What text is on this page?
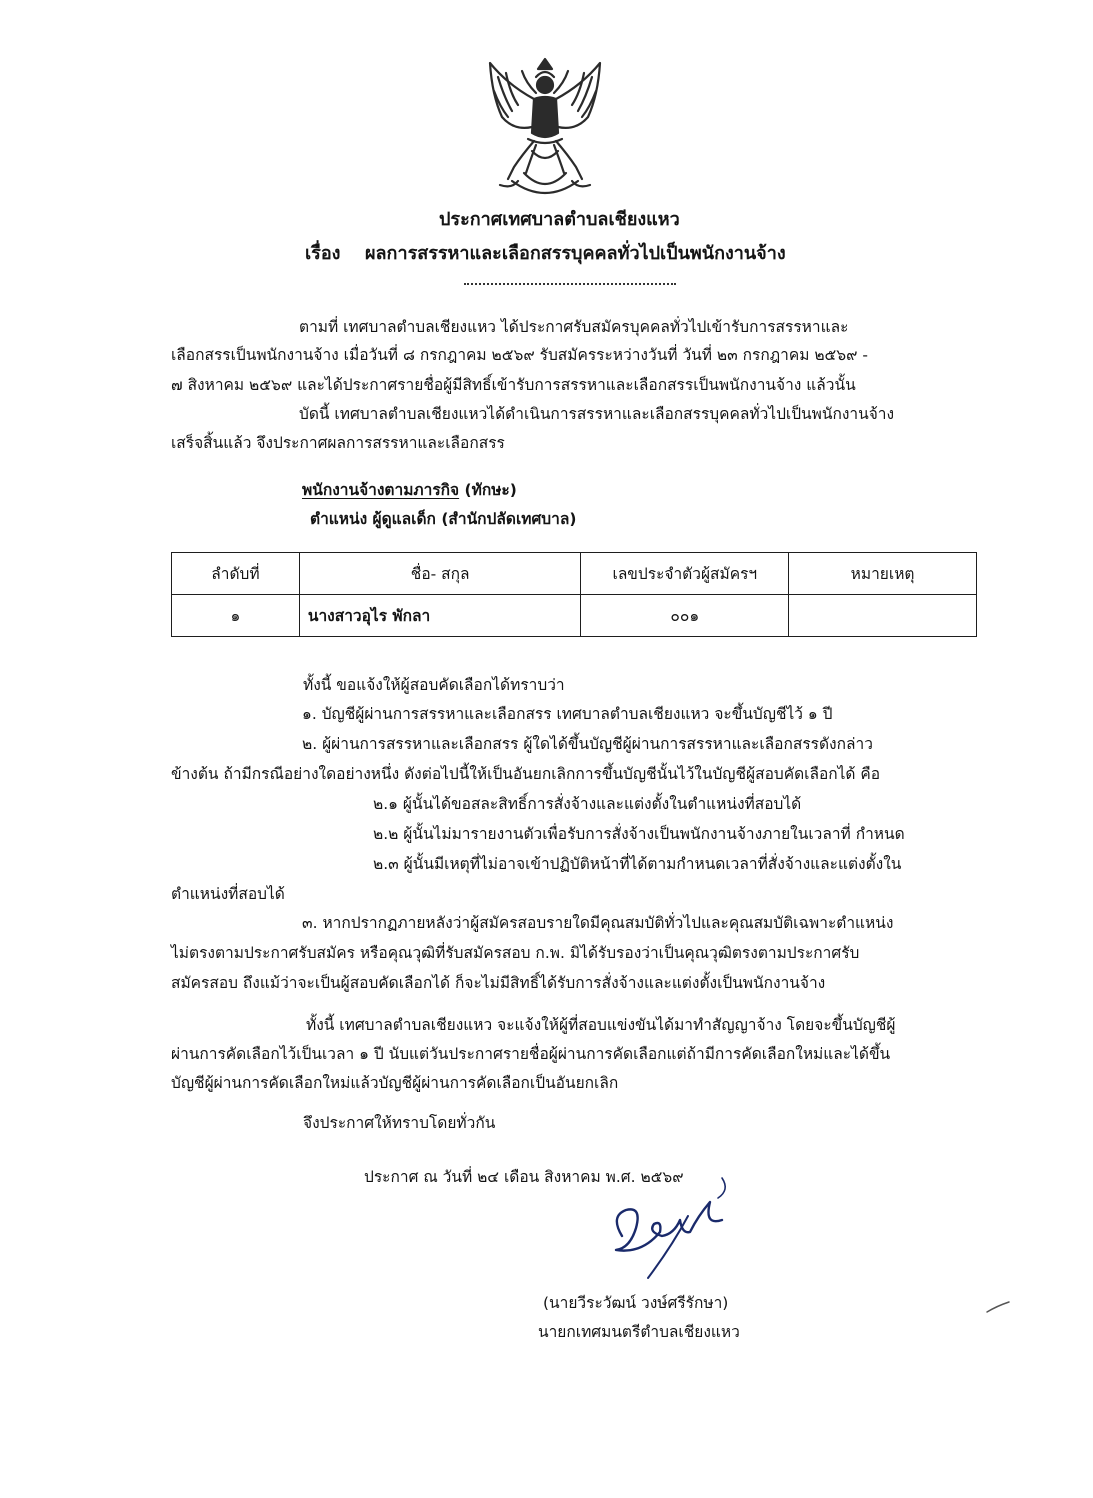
ประกาศเทศบาลตำบลเชียงแหว
เรื่อง ผลการสรรหาและเลือกสรรบุคคลทั่วไปเป็นพนักงานจ้าง
ตามที่ เทศบาลตำบลเชียงแหว ได้ประกาศรับสมัครบุคคลทั่วไปเข้ารับการสรรหาและ
เลือกสรรเป็นพนักงานจ้าง เมื่อวันที่ ๘ กรกฎาคม ๒๕๖๙ รับสมัครระหว่างวันที่ วันที่ ๒๓ กรกฎาคม ๒๕๖๙ -
๗ สิงหาคม ๒๕๖๙ และได้ประกาศรายชื่อผู้มีสิทธิ์เข้ารับการสรรหาและเลือกสรรเป็นพนักงานจ้าง แล้วนั้น
บัดนี้ เทศบาลตำบลเชียงแหวได้ดำเนินการสรรหาและเลือกสรรบุคคลทั่วไปเป็นพนักงานจ้าง
เสร็จสิ้นแล้ว จึงประกาศผลการสรรหาและเลือกสรร
พนักงานจ้างตามภารกิจ (ทักษะ)
ตำแหน่ง ผู้ดูแลเด็ก (สำนักปลัดเทศบาล)
ลำดับที่	ชื่อ- สกุล	เลขประจำตัวผู้สมัครฯ	หมายเหตุ
๑	นางสาวอุไร พักลา	๐๐๑	
ทั้งนี้ ขอแจ้งให้ผู้สอบคัดเลือกได้ทราบว่า
๑. บัญชีผู้ผ่านการสรรหาและเลือกสรร เทศบาลตำบลเชียงแหว จะขึ้นบัญชีไว้ ๑ ปี
๒. ผู้ผ่านการสรรหาและเลือกสรร ผู้ใดได้ขึ้นบัญชีผู้ผ่านการสรรหาและเลือกสรรดังกล่าว
ข้างต้น ถ้ามีกรณีอย่างใดอย่างหนึ่ง ดังต่อไปนี้ให้เป็นอันยกเลิกการขึ้นบัญชีนั้นไว้ในบัญชีผู้สอบคัดเลือกได้ คือ
๒.๑ ผู้นั้นได้ขอสละสิทธิ์การสั่งจ้างและแต่งตั้งในตำแหน่งที่สอบได้
๒.๒ ผู้นั้นไม่มารายงานตัวเพื่อรับการสั่งจ้างเป็นพนักงานจ้างภายในเวลาที่ กำหนด
๒.๓ ผู้นั้นมีเหตุที่ไม่อาจเข้าปฏิบัติหน้าที่ได้ตามกำหนดเวลาที่สั่งจ้างและแต่งตั้งใน
ตำแหน่งที่สอบได้
๓. หากปรากฏภายหลังว่าผู้สมัครสอบรายใดมีคุณสมบัติทั่วไปและคุณสมบัติเฉพาะตำแหน่ง
ไม่ตรงตามประกาศรับสมัคร หรือคุณวุฒิที่รับสมัครสอบ ก.พ. มิได้รับรองว่าเป็นคุณวุฒิตรงตามประกาศรับ
สมัครสอบ ถึงแม้ว่าจะเป็นผู้สอบคัดเลือกได้ ก็จะไม่มีสิทธิ์ได้รับการสั่งจ้างและแต่งตั้งเป็นพนักงานจ้าง
ทั้งนี้ เทศบาลตำบลเชียงแหว จะแจ้งให้ผู้ที่สอบแข่งขันได้มาทำสัญญาจ้าง โดยจะขึ้นบัญชีผู้
ผ่านการคัดเลือกไว้เป็นเวลา ๑ ปี นับแต่วันประกาศรายชื่อผู้ผ่านการคัดเลือกแต่ถ้ามีการคัดเลือกใหม่และได้ขึ้น
บัญชีผู้ผ่านการคัดเลือกใหม่แล้วบัญชีผู้ผ่านการคัดเลือกเป็นอันยกเลิก
จึงประกาศให้ทราบโดยทั่วกัน
ประกาศ ณ วันที่ ๒๔ เดือน สิงหาคม พ.ศ. ๒๕๖๙
(นายวีระวัฒน์ วงษ์ศรีรักษา)
นายกเทศมนตรีตำบลเชียงแหว
